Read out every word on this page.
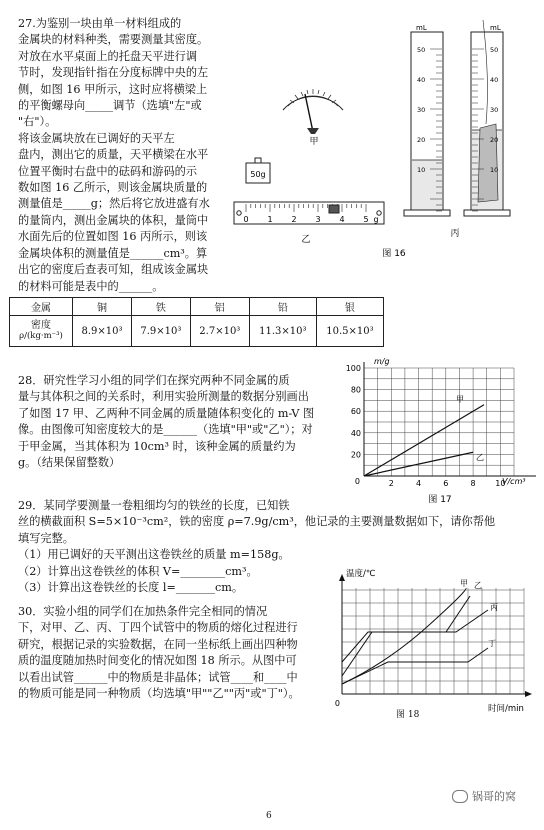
27.为鉴别一块由单一材料组成的
金属块的材料种类，需要测量其密度。
对放在水平桌面上的托盘天平进行调
节时，发现指针指在分度标牌中央的左
侧，如图 16 甲所示，这时应将横梁上
的平衡螺母向_____调节（选填"左"或
"右"）。
将该金属块放在已调好的天平左
盘内，测出它的质量，天平横梁在水平
位置平衡时右盘中的砝码和游码的示
数如图 16 乙所示，则该金属块质量的
测量值是_____g；然后将它放进盛有水
的量筒内，测出金属块的体积，量筒中
水面先后的位置如图 16 丙所示，则该
金属块体积的测量值是______cm³。算
出它的密度后查表可知，组成该金属块
的材料可能是表中的______。
甲
50g
0 1 2 3 4 5 g
乙
mL
50
40
30
20
10
mL
50
40
30
20
10
丙
图 16
金属	铜	铁	铝	铅	银

密度
ρ/(kg·m⁻³)	8.9×10³	7.9×10³	2.7×10³	11.3×10³	10.5×10³
28．研究性学习小组的同学们在探究两种不同金属的质
量与其体积之间的关系时，利用实验所测量的数据分别画出
了如图 17 甲、乙两种不同金属的质量随体积变化的 m-V 图
像。由图像可知密度较大的是______（选填"甲"或"乙"）；对
于甲金属，当其体积为 10cm³ 时，该种金属的质量约为
g。（结果保留整数）
100
80
60
40
20
2	4	6	8 10
m/g
V/cm³
0
甲
乙
图 17
29．某同学要测量一卷粗细均匀的铁丝的长度，已知铁
丝的横截面积 S=5×10⁻³cm²，铁的密度 ρ=7.9g/cm³，他记录的主要测量数据如下，请你帮他
填写完整。
（1）用已调好的天平测出这卷铁丝的质量 m=158g。
（2）计算出这卷铁丝的体积 V=________cm³。
（3）计算出这卷铁丝的长度 l=_______cm。
30．实验小组的同学们在加热条件完全相同的情况
下，对甲、乙、丙、丁四个试管中的物质的熔化过程进行
研究，根据记录的实验数据，在同一坐标纸上画出四种物
质的温度随加热时间变化的情况如图 18 所示。从图中可
以看出试管______中的物质是非晶体；试管____和____中
的物质可能是同一种物质（均选填"甲""乙""丙"或"丁"）。
温度/℃
时间/min
0
甲 乙
丙
丁
图 18
6
锅哥的窝
